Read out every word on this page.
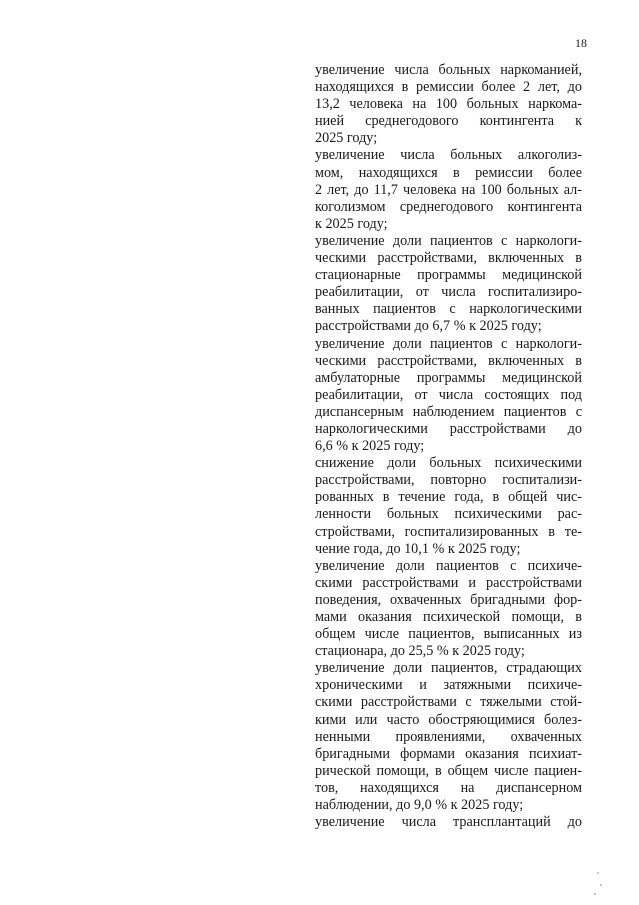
18
увеличение числа больных наркоманией,
находящихся в ремиссии более 2 лет, до
13,2 человека на 100 больных наркома-
нией среднегодового контингента к
2025 году;
увеличение числа больных алкоголиз-
мом, находящихся в ремиссии более
2 лет, до 11,7 человека на 100 больных ал-
коголизмом среднегодового контингента
к 2025 году;
увеличение доли пациентов с наркологи-
ческими расстройствами, включенных в
стационарные программы медицинской
реабилитации, от числа госпитализиро-
ванных пациентов с наркологическими
расстройствами до 6,7 % к 2025 году;
увеличение доли пациентов с наркологи-
ческими расстройствами, включенных в
амбулаторные программы медицинской
реабилитации, от числа состоящих под
диспансерным наблюдением пациентов с
наркологическими расстройствами до
6,6 % к 2025 году;
снижение доли больных психическими
расстройствами, повторно госпитализи-
рованных в течение года, в общей чис-
ленности больных психическими рас-
стройствами, госпитализированных в те-
чение года, до 10,1 % к 2025 году;
увеличение доли пациентов с психиче-
скими расстройствами и расстройствами
поведения, охваченных бригадными фор-
мами оказания психической помощи, в
общем числе пациентов, выписанных из
стационара, до 25,5 % к 2025 году;
увеличение доли пациентов, страдающих
хроническими и затяжными психиче-
скими расстройствами с тяжелыми стой-
кими или часто обостряющимися болез-
ненными проявлениями, охваченных
бригадными формами оказания психиат-
рической помощи, в общем числе пациен-
тов, находящихся на диспансерном
наблюдении, до 9,0 % к 2025 году;
увеличение числа трансплантаций до
